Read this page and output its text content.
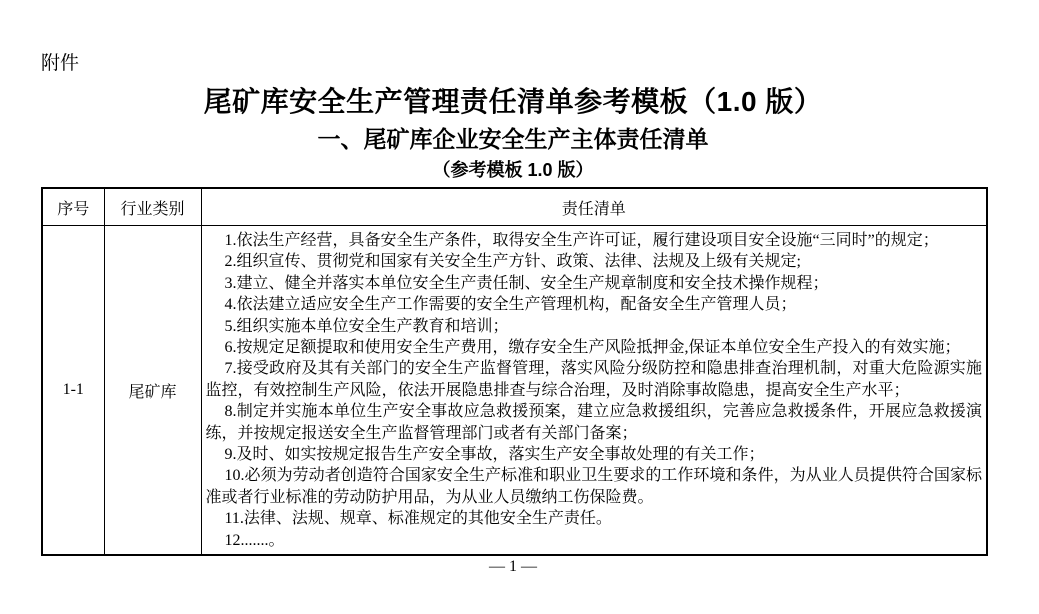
附件
尾矿库安全生产管理责任清单参考模板（1.0 版）
一、尾矿库企业安全生产主体责任清单
（参考模板 1.0 版）
序号	行业类别	责任清单
1-1	尾矿库	

1.依法生产经营，具备安全生产条件，取得安全生产许可证，履行建设项目安全设施“三同时”的规定；

2.组织宣传、贯彻党和国家有关安全生产方针、政策、法律、法规及上级有关规定;

3.建立、健全并落实本单位安全生产责任制、安全生产规章制度和安全技术操作规程；

4.依法建立适应安全生产工作需要的安全生产管理机构，配备安全生产管理人员；

5.组织实施本单位安全生产教育和培训；

6.按规定足额提取和使用安全生产费用，缴存安全生产风险抵押金,保证本单位安全生产投入的有效实施；

7.接受政府及其有关部门的安全生产监督管理，落实风险分级防控和隐患排查治理机制，对重大危险源实施监控，有效控制生产风险，依法开展隐患排查与综合治理，及时消除事故隐患，提高安全生产水平；

8.制定并实施本单位生产安全事故应急救援预案，建立应急救援组织，完善应急救援条件，开展应急救援演练，并按规定报送安全生产监督管理部门或者有关部门备案；

9.及时、如实按规定报告生产安全事故，落实生产安全事故处理的有关工作；

10.必须为劳动者创造符合国家安全生产标准和职业卫生要求的工作环境和条件，为从业人员提供符合国家标准或者行业标准的劳动防护用品，为从业人员缴纳工伤保险费。

11.法律、法规、规章、标准规定的其他安全生产责任。

12.......。

— 1 —
